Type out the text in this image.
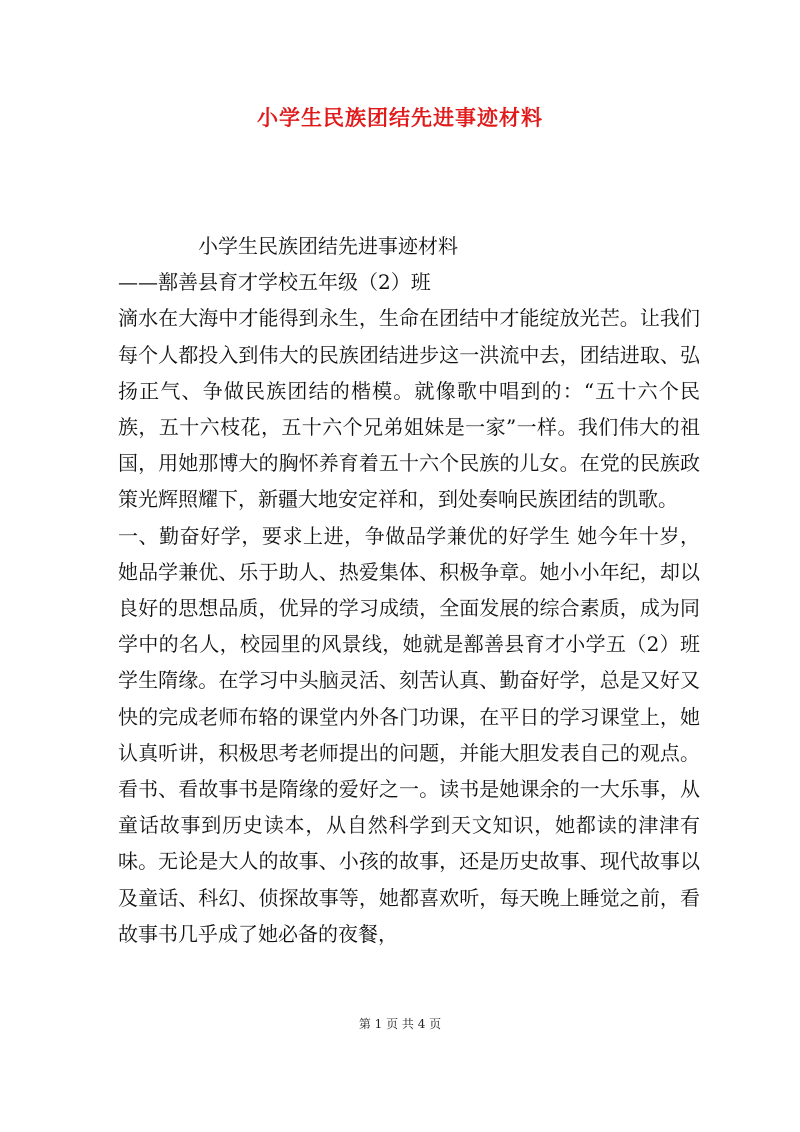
小学生民族团结先进事迹材料

小学生民族团结先进事迹材料

——鄯善县育才学校五年级（2）班

滴水在大海中才能得到永生，生命在团结中才能绽放光芒。让我们每个人都投入到伟大的民族团结进步这一洪流中去，团结进取、弘扬正气、争做民族团结的楷模。就像歌中唱到的：“五十六个民族，五十六枝花，五十六个兄弟姐妹是一家”一样。我们伟大的祖国，用她那博大的胸怀养育着五十六个民族的儿女。在党的民族政策光辉照耀下，新疆大地安定祥和，到处奏响民族团结的凯歌。

一、勤奋好学，要求上进，争做品学兼优的好学生 她今年十岁，她品学兼优、乐于助人、热爱集体、积极争章。她小小年纪，却以良好的思想品质，优异的学习成绩，全面发展的综合素质，成为同学中的名人，校园里的风景线，她就是鄯善县育才小学五（2）班学生隋缘。在学习中头脑灵活、刻苦认真、勤奋好学，总是又好又快的完成老师布辂的课堂内外各门功课，在平日的学习课堂上，她认真听讲，积极思考老师提出的问题，并能大胆发表自己的观点。看书、看故事书是隋缘的爱好之一。读书是她课余的一大乐事，从童话故事到历史读本，从自然科学到天文知识，她都读的津津有味。无论是大人的故事、小孩的故事，还是历史故事、现代故事以及童话、科幻、侦探故事等，她都喜欢听，每天晚上睡觉之前，看故事书几乎成了她必备的夜餐，

第 1 页 共 4 页
